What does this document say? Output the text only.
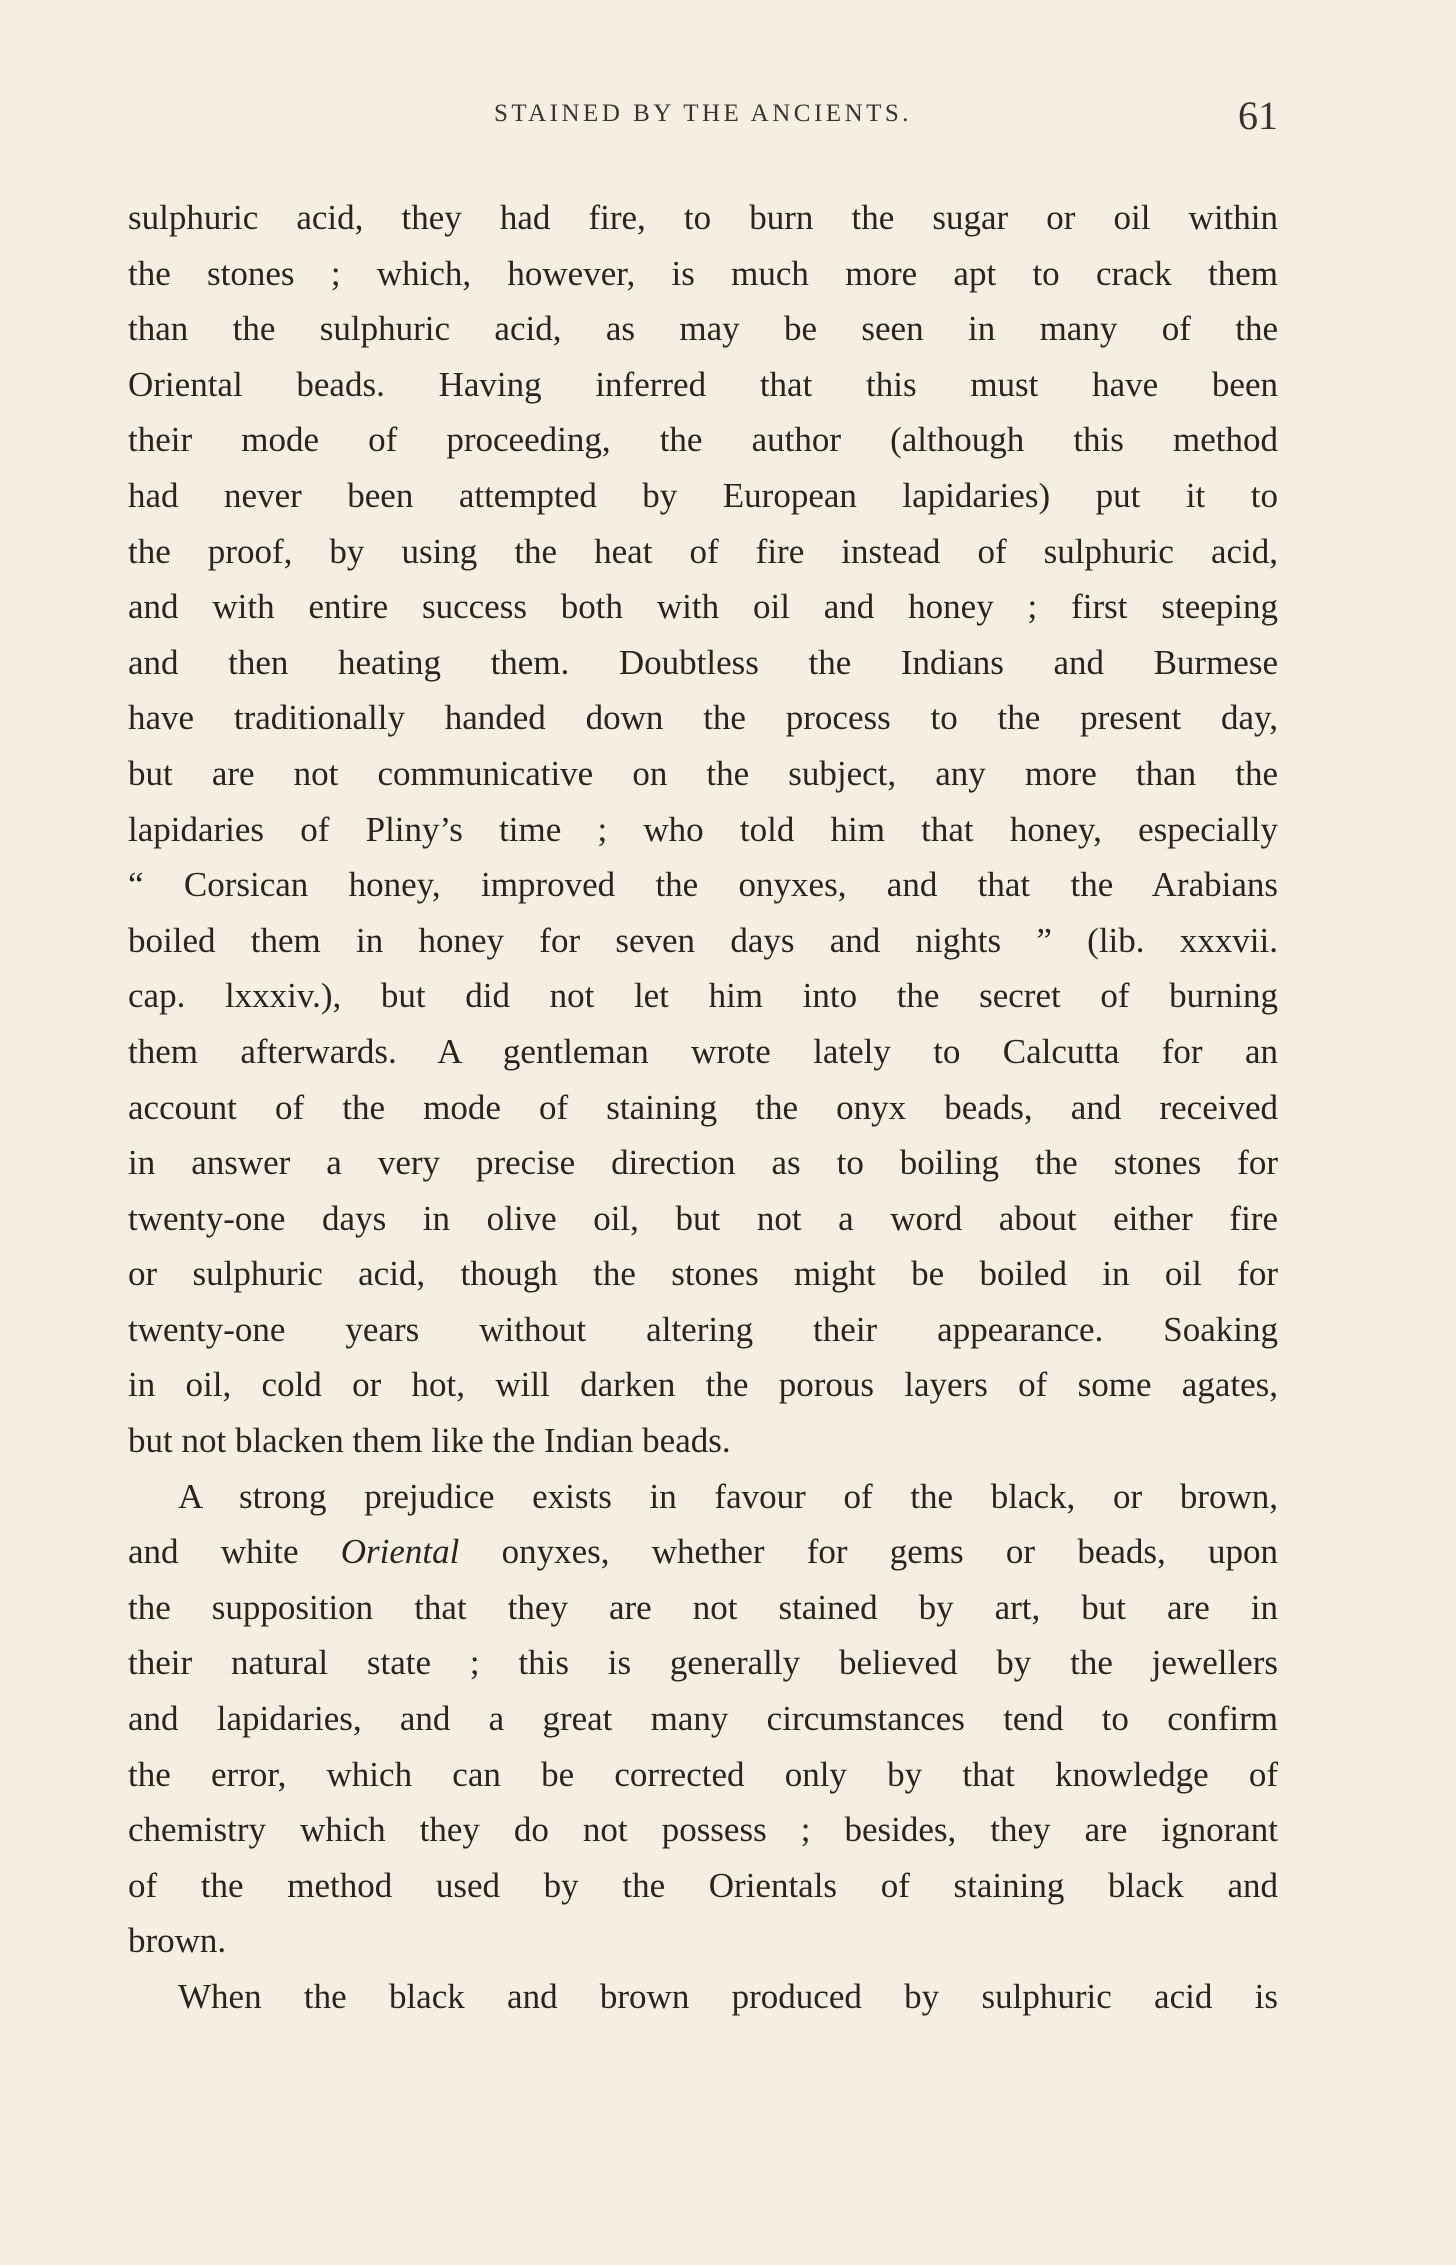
STAINED BY THE ANCIENTS.	61
sulphuric acid, they had fire, to burn the sugar or oil within
the stones ; which, however, is much more apt to crack them
than the sulphuric acid, as may be seen in many of the
Oriental beads. Having inferred that this must have been
their mode of proceeding, the author (although this method
had never been attempted by European lapidaries) put it to
the proof, by using the heat of fire instead of sulphuric acid,
and with entire success both with oil and honey ; first steeping
and then heating them. Doubtless the Indians and Burmese
have traditionally handed down the process to the present day,
but are not communicative on the subject, any more than the
lapidaries of Pliny’s time ; who told him that honey, especially
“ Corsican honey, improved the onyxes, and that the Arabians
boiled them in honey for seven days and nights ” (lib. xxxvii.
cap. lxxxiv.), but did not let him into the secret of burning
them afterwards. A gentleman wrote lately to Calcutta for an
account of the mode of staining the onyx beads, and received
in answer a very precise direction as to boiling the stones for
twenty-one days in olive oil, but not a word about either fire
or sulphuric acid, though the stones might be boiled in oil for
twenty-one years without altering their appearance. Soaking
in oil, cold or hot, will darken the porous layers of some agates,
but not blacken them like the Indian beads.
A strong prejudice exists in favour of the black, or brown,
and white Oriental onyxes, whether for gems or beads, upon
the supposition that they are not stained by art, but are in
their natural state ; this is generally believed by the jewellers
and lapidaries, and a great many circumstances tend to confirm
the error, which can be corrected only by that knowledge of
chemistry which they do not possess ; besides, they are ignorant
of the method used by the Orientals of staining black and
brown.
When the black and brown produced by sulphuric acid is
